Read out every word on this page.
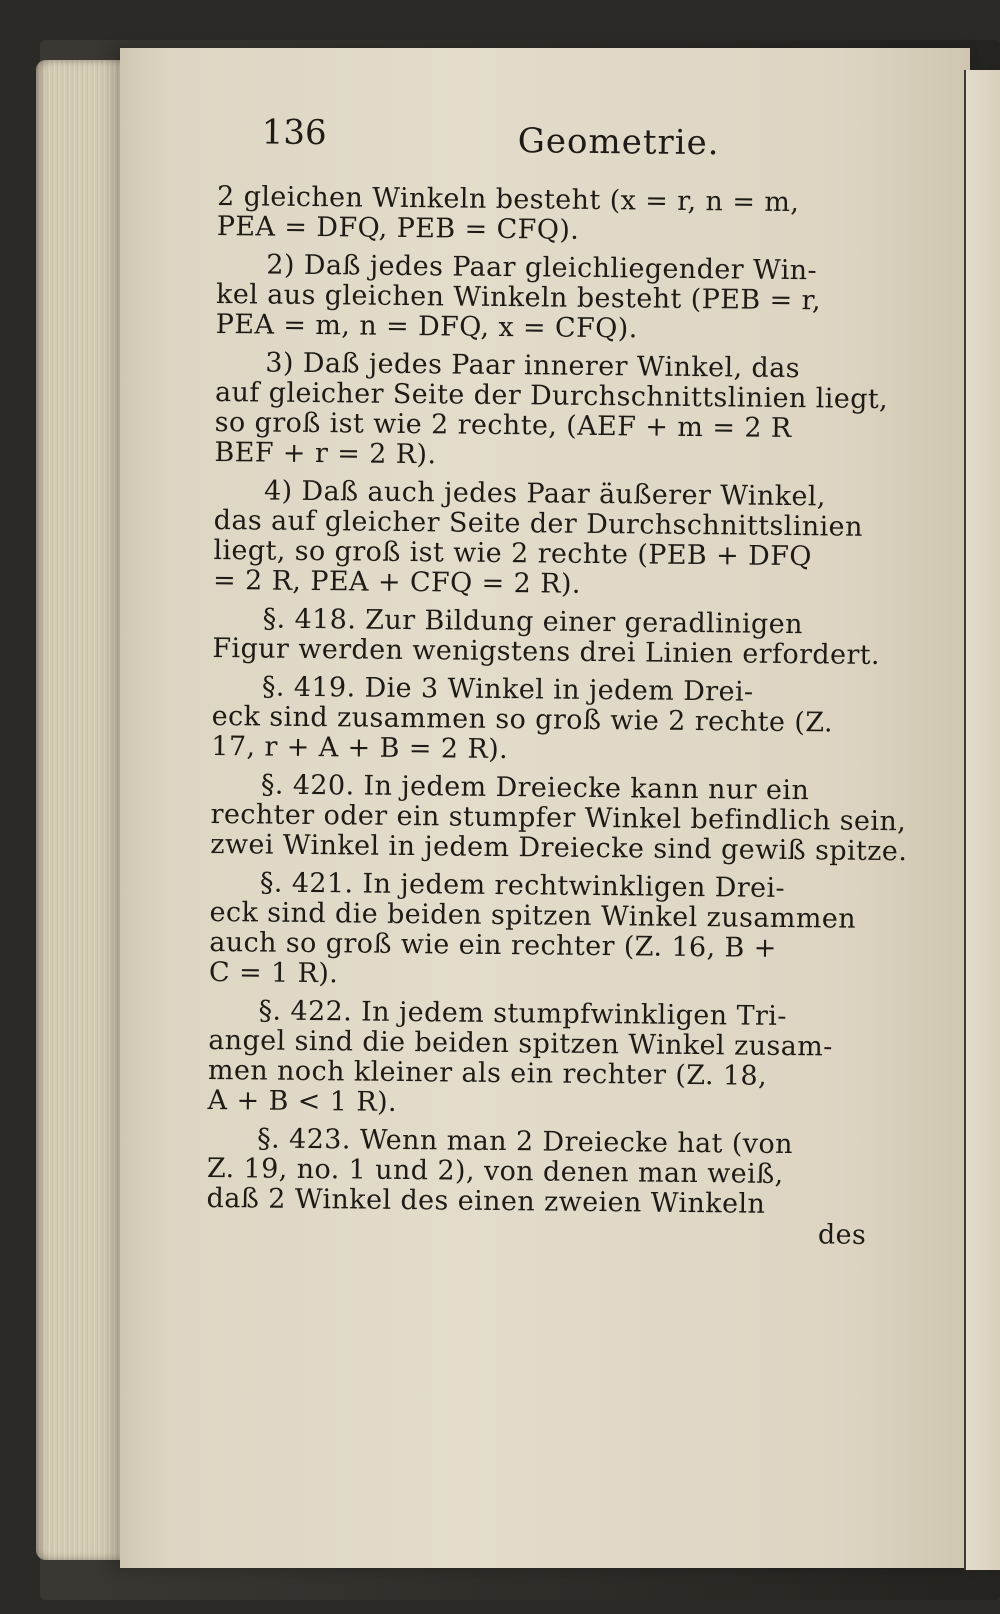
136	Geometrie.
2 gleichen Winkeln besteht (x = r, n = m,
PEA = DFQ, PEB = CFQ).
2) Daß jedes Paar gleichliegender Win-
kel aus gleichen Winkeln besteht (PEB = r,
PEA = m, n = DFQ, x = CFQ).
3) Daß jedes Paar innerer Winkel, das
auf gleicher Seite der Durchschnittslinien liegt,
so groß ist wie 2 rechte, (AEF + m = 2 R
BEF + r = 2 R).
4) Daß auch jedes Paar äußerer Winkel,
das auf gleicher Seite der Durchschnittslinien
liegt, so groß ist wie 2 rechte (PEB + DFQ
= 2 R, PEA + CFQ = 2 R).
§. 418. Zur Bildung einer geradlinigen
Figur werden wenigstens drei Linien erfordert.
§. 419. Die 3 Winkel in jedem Drei-
eck sind zusammen so groß wie 2 rechte (Z.
17, r + A + B = 2 R).
§. 420. In jedem Dreiecke kann nur ein
rechter oder ein stumpfer Winkel befindlich sein,
zwei Winkel in jedem Dreiecke sind gewiß spitze.
§. 421. In jedem rechtwinkligen Drei-
eck sind die beiden spitzen Winkel zusammen
auch so groß wie ein rechter (Z. 16, B +
C = 1 R).
§. 422. In jedem stumpfwinkligen Tri-
angel sind die beiden spitzen Winkel zusam-
men noch kleiner als ein rechter (Z. 18,
A + B < 1 R).
§. 423. Wenn man 2 Dreiecke hat (von
Z. 19, no. 1 und 2), von denen man weiß,
daß 2 Winkel des einen zweien Winkeln
des
